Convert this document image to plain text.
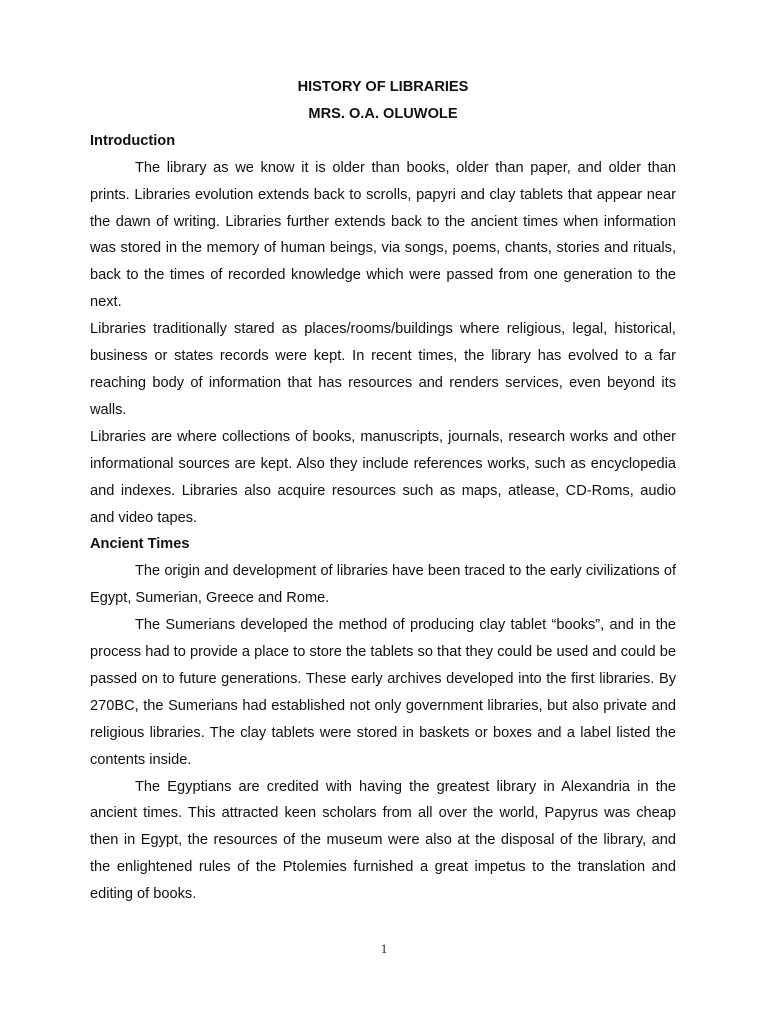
HISTORY OF LIBRARIES

MRS. O.A. OLUWOLE

Introduction

The library as we know it is older than books, older than paper, and older than prints. Libraries evolution extends back to scrolls, papyri and clay tablets that appear near the dawn of writing. Libraries further extends back to the ancient times when information was stored in the memory of human beings, via songs, poems, chants, stories and rituals, back to the times of recorded knowledge which were passed from one generation to the next.

Libraries traditionally stared as places/rooms/buildings where religious, legal, historical, business or states records were kept. In recent times, the library has evolved to a far reaching body of information that has resources and renders services, even beyond its walls.

Libraries are where collections of books, manuscripts, journals, research works and other informational sources are kept. Also they include references works, such as encyclopedia and indexes. Libraries also acquire resources such as maps, atlease, CD-Roms, audio and video tapes.

Ancient Times

The origin and development of libraries have been traced to the early civilizations of Egypt, Sumerian, Greece and Rome.

The Sumerians developed the method of producing clay tablet “books”, and in the process had to provide a place to store the tablets so that they could be used and could be passed on to future generations. These early archives developed into the first libraries. By 270BC, the Sumerians had established not only government libraries, but also private and religious libraries. The clay tablets were stored in baskets or boxes and a label listed the contents inside.

The Egyptians are credited with having the greatest library in Alexandria in the ancient times. This attracted keen scholars from all over the world, Papyrus was cheap then in Egypt, the resources of the museum were also at the disposal of the library, and the enlightened rules of the Ptolemies furnished a great impetus to the translation and editing of books.

1
